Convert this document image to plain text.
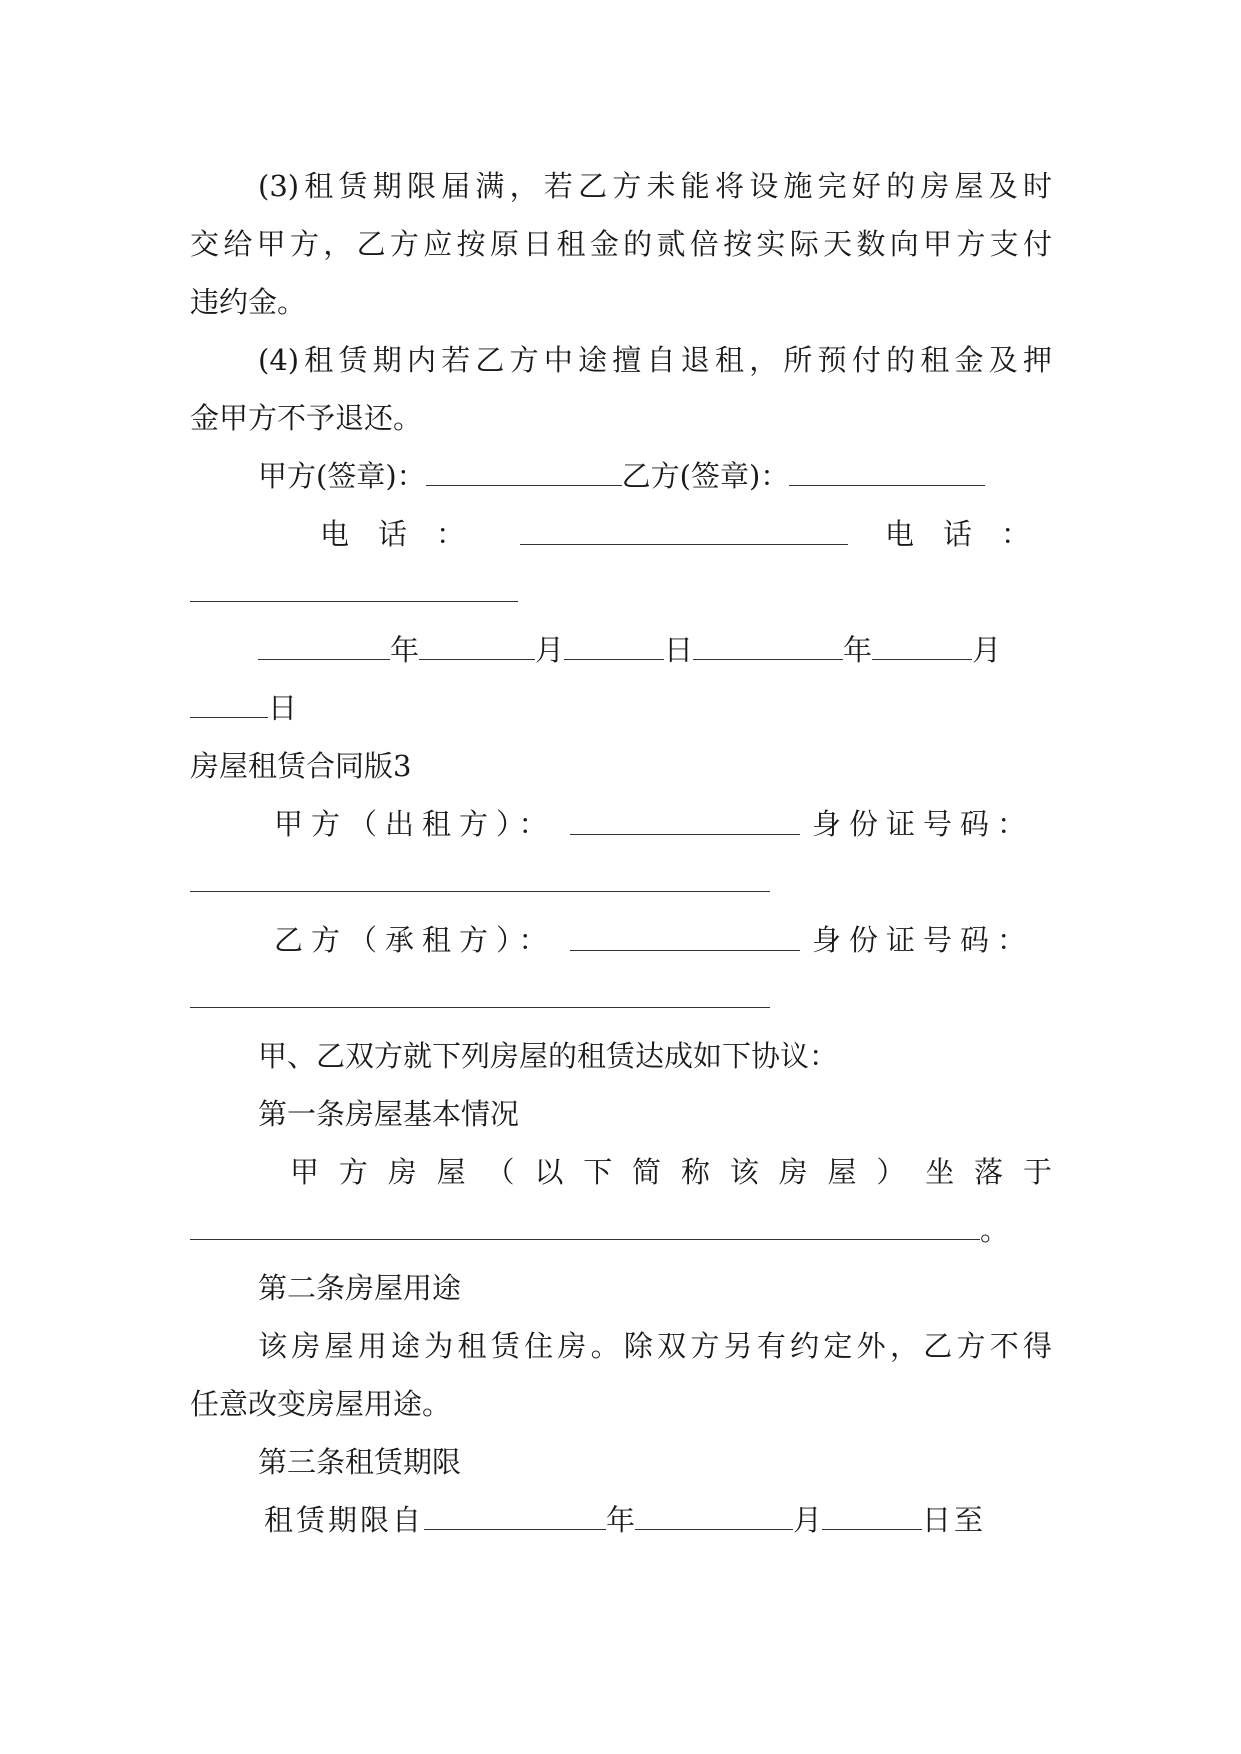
(3)租赁期限届满，若乙方未能将设施完好的房屋及时
交给甲方，乙方应按原日租金的贰倍按实际天数向甲方支付
违约金。
(4)租赁期内若乙方中途擅自退租，所预付的租金及押
金甲方不予退还。
甲方(签章)：	乙方(签章)：
电　话　：	电　话　：
年	月	日	年	月
日
房屋租赁合同版3
甲方（出租方）：	身份证号码：
乙方（承租方）：	身份证号码：
甲、乙双方就下列房屋的租赁达成如下协议：
第一条房屋基本情况
甲方房屋（以下简称该房屋）坐落于
。
第二条房屋用途
该房屋用途为租赁住房。除双方另有约定外，乙方不得
任意改变房屋用途。
第三条租赁期限
租赁期限自	年	月	日至
